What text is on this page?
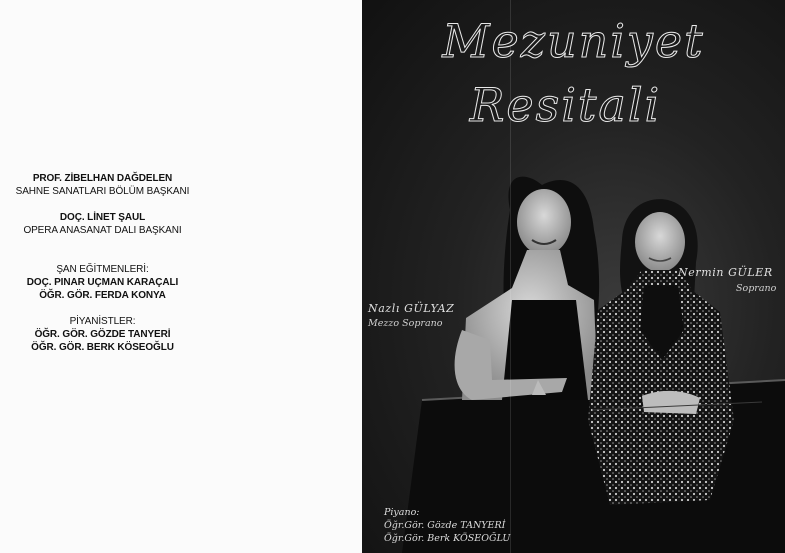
PROF. ZİBELHAN DAĞDELEN
SAHNE SANATLARI BÖLÜM BAŞKANI
DOÇ. LİNET ŞAUL
OPERA ANASANAT DALI BAŞKANI
ŞAN EĞİTMENLERİ:
DOÇ. PINAR UÇMAN KARAÇALI
ÖĞR. GÖR. FERDA KONYA
PİYANİSTLER:
ÖĞR. GÖR. GÖZDE TANYERİ
ÖĞR. GÖR. BERK KÖSEOĞLU
Mezuniyet
Resitali
Nermin GÜLER
Soprano
Nazlı GÜLYAZ
Mezzo Soprano
Piyano:
Öğr.Gör. Gözde TANYERİ
Öğr.Gör. Berk KÖSEOĞLU
